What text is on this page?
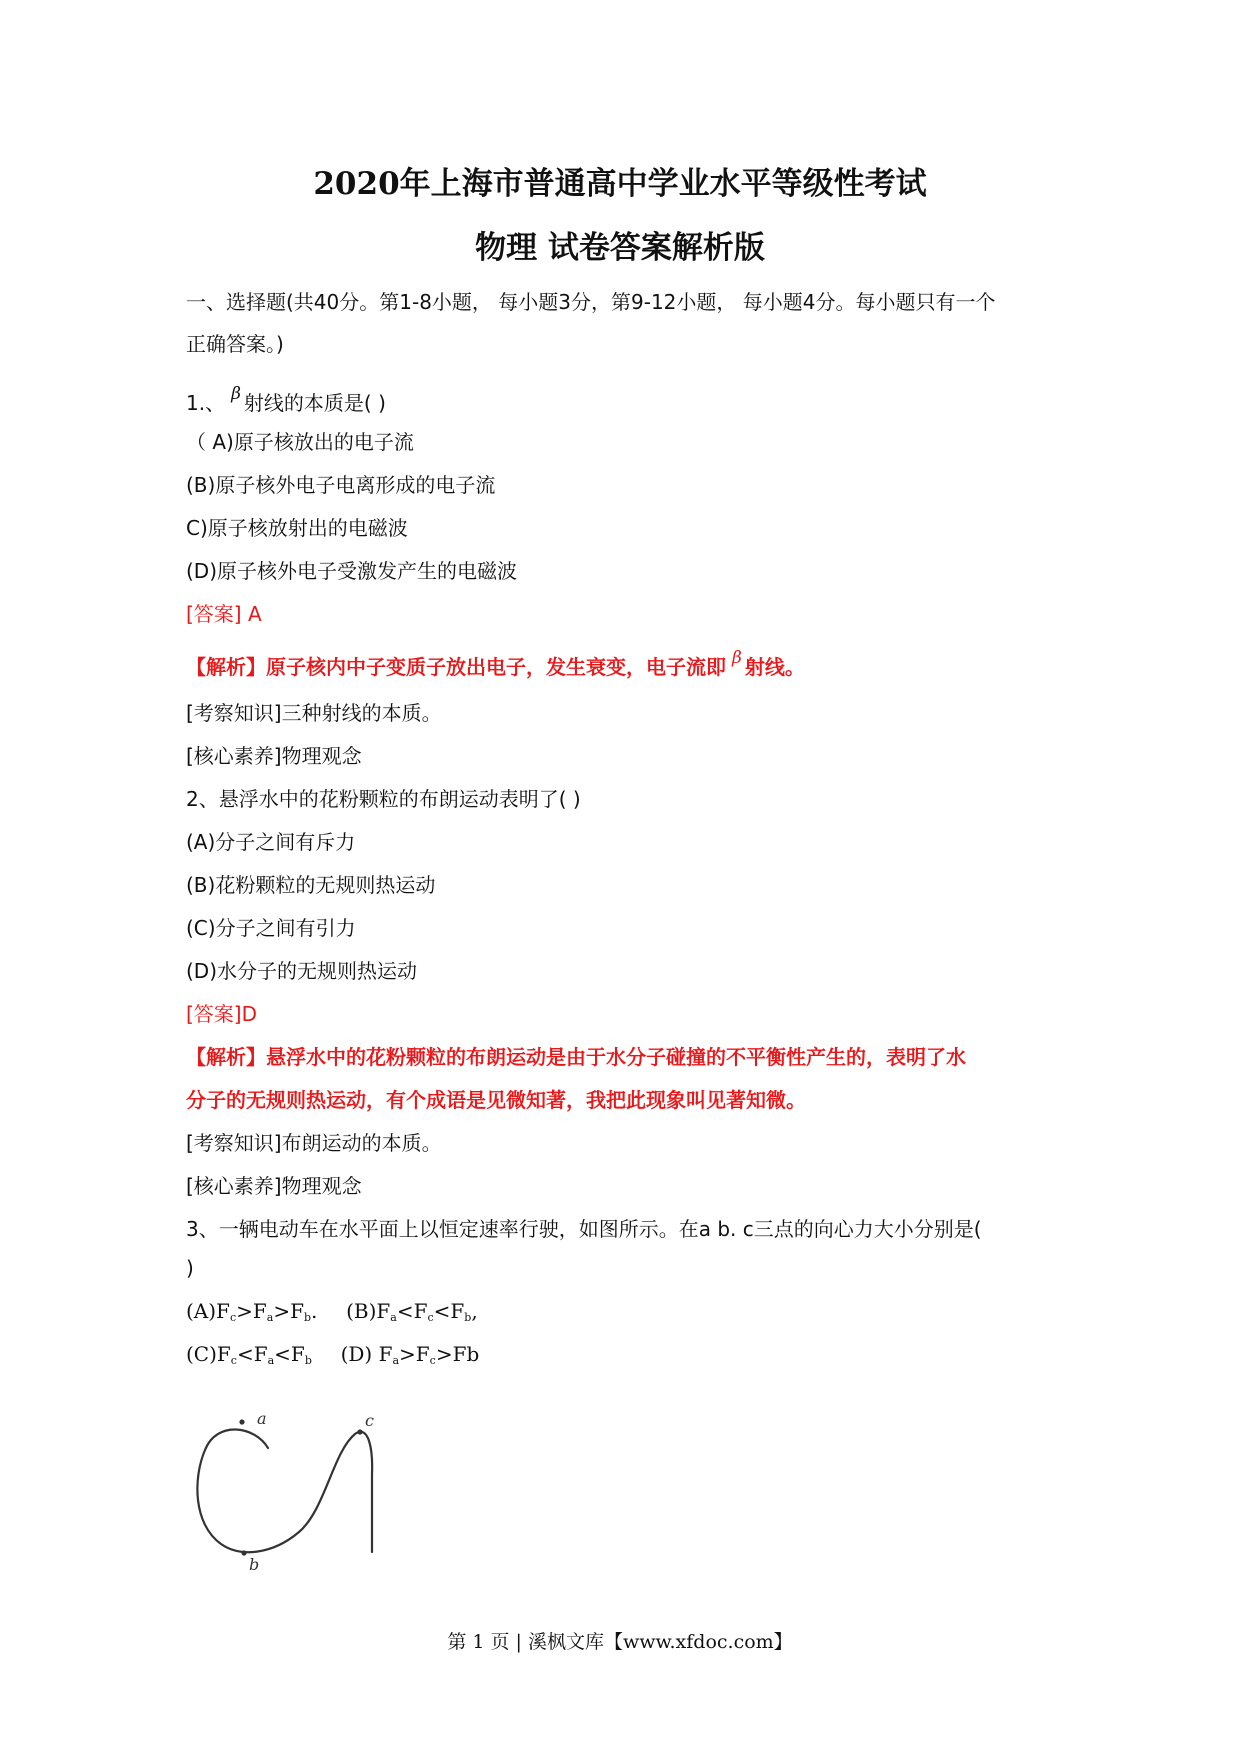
2020年上海市普通高中学业水平等级性考试
物理 试卷答案解析版
一、选择题(共40分。第1-8小题， 每小题3分，第9-12小题， 每小题4分。每小题只有一个
正确答案。)
1.、 β 射线的本质是( )
（ A)原子核放出的电子流
(B)原子核外电子电离形成的电子流
C)原子核放射出的电磁波
(D)原子核外电子受激发产生的电磁波
[答案] A
【解析】原子核内中子变质子放出电子，发生衰变，电子流即 β 射线。
[考察知识]三种射线的本质。
[核心素养]物理观念
2、悬浮水中的花粉颗粒的布朗运动表明了( )
(A)分子之间有斥力
(B)花粉颗粒的无规则热运动
(C)分子之间有引力
(D)水分子的无规则热运动
[答案]D
【解析】悬浮水中的花粉颗粒的布朗运动是由于水分子碰撞的不平衡性产生的，表明了水
分子的无规则热运动，有个成语是见微知著，我把此现象叫见著知微。
[考察知识]布朗运动的本质。
[核心素养]物理观念
3、一辆电动车在水平面上以恒定速率行驶，如图所示。在a b. c三点的向心力大小分别是(
)
$(A)F_c>F_a>F_b$. $(B)F_a<F_c<F_b$,
$(C)F_c<F_a<F_b$ (D) $F_a>F_c>Fb$
a
b
c
第 1 页 | 溪枫文库【www.xfdoc.com】
